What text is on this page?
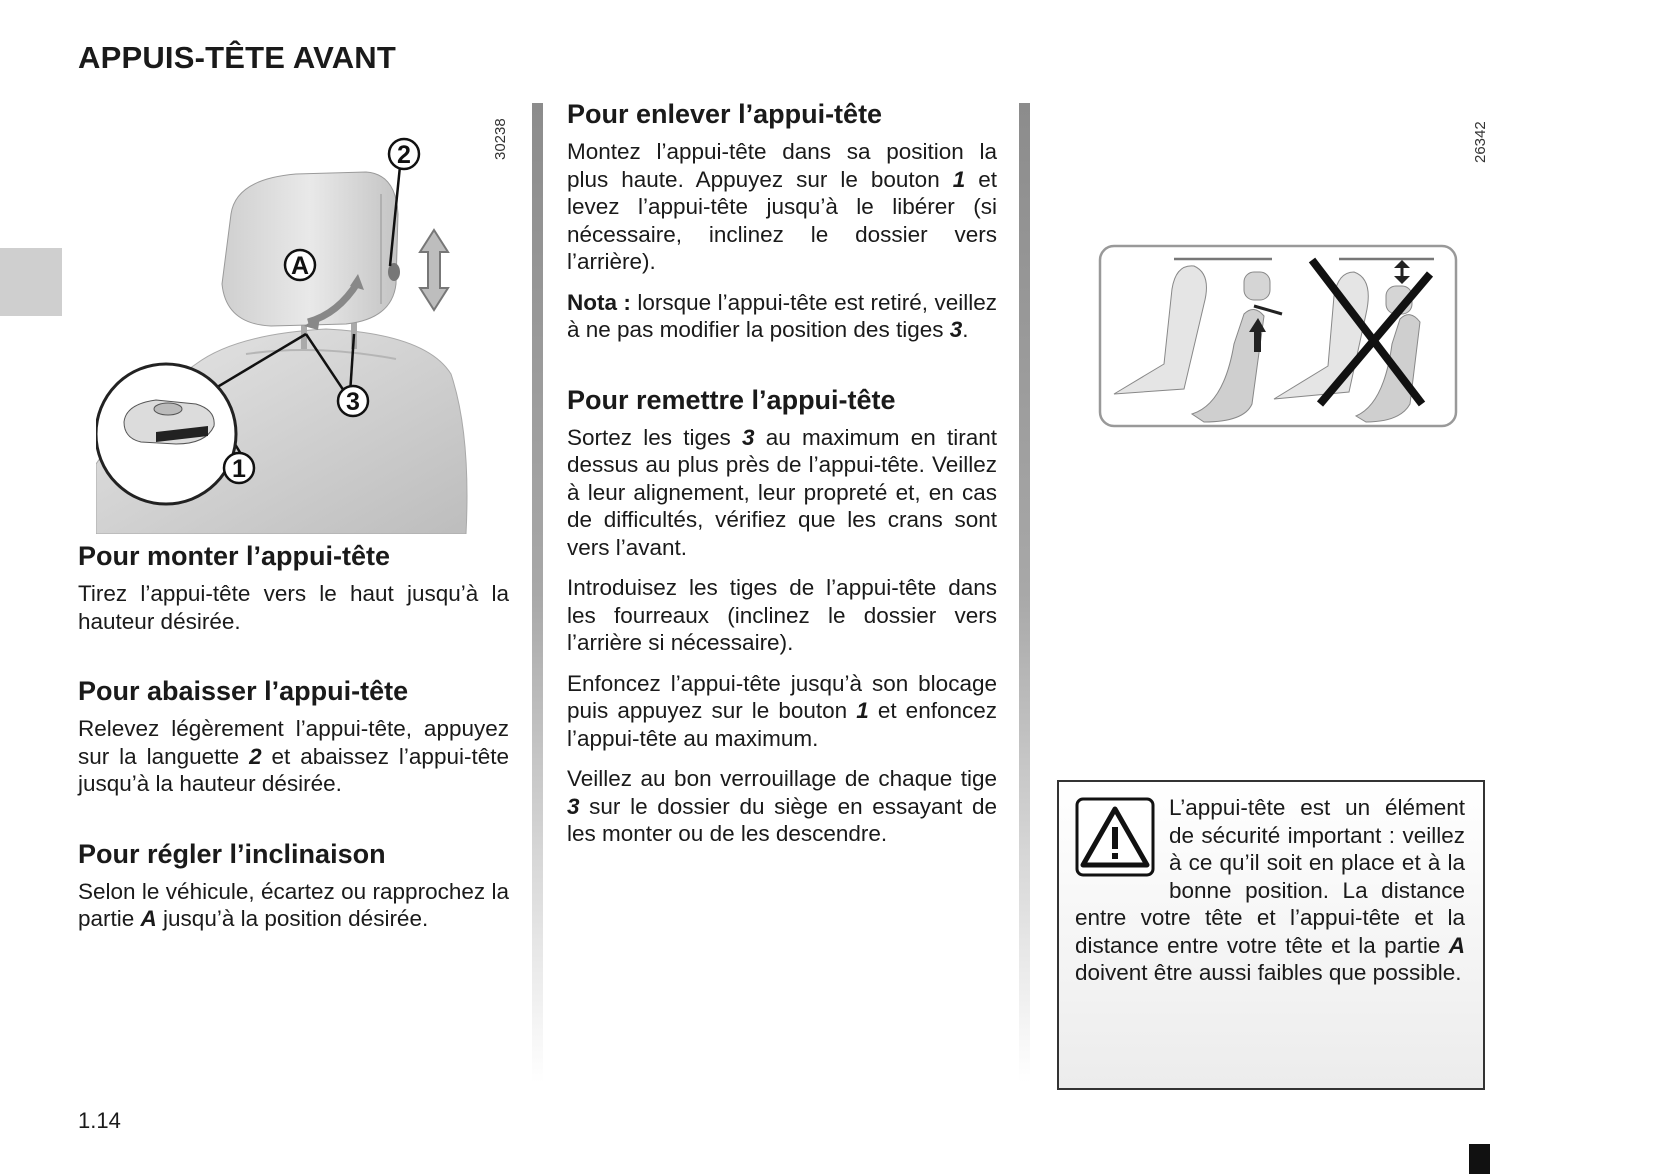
APPUIS-TÊTE AVANT
2
A
3
1
30238
Pour monter l’appui-tête

Tirez l’appui-tête vers le haut jusqu’à la hauteur désirée.

Pour abaisser l’appui-tête

Relevez légèrement l’appui-tête, appuyez sur la languette 2 et abaissez l’appui-tête jusqu’à la hauteur désirée.

Pour régler l’inclinaison

Selon le véhicule, écartez ou rapprochez la partie A jusqu’à la position désirée.

Pour enlever l’appui-tête

Montez l’appui-tête dans sa position la plus haute. Appuyez sur le bouton 1 et levez l’appui-tête jusqu’à le libérer (si nécessaire, inclinez le dossier vers l’arrière).

Nota : lorsque l’appui-tête est retiré, veillez à ne pas modifier la position des tiges 3.

Pour remettre l’appui-tête

Sortez les tiges 3 au maximum en tirant dessus au plus près de l’appui-tête. Veillez à leur alignement, leur propreté et, en cas de difficultés, vérifiez que les crans sont vers l’avant.

Introduisez les tiges de l’appui-tête dans les fourreaux (inclinez le dossier vers l’arrière si nécessaire).

Enfoncez l’appui-tête jusqu’à son blocage puis appuyez sur le bouton 1 et enfoncez l’appui-tête au maximum.

Veillez au bon verrouillage de chaque tige 3 sur le dossier du siège en essayant de les monter ou de les descendre.

26342
L’appui-tête est un élément de sécurité important : veillez à ce qu’il soit en place et à la bonne position. La distance entre votre tête et l’appui-tête et la distance entre votre tête et la partie A doivent être aussi faibles que possible.
1.14
